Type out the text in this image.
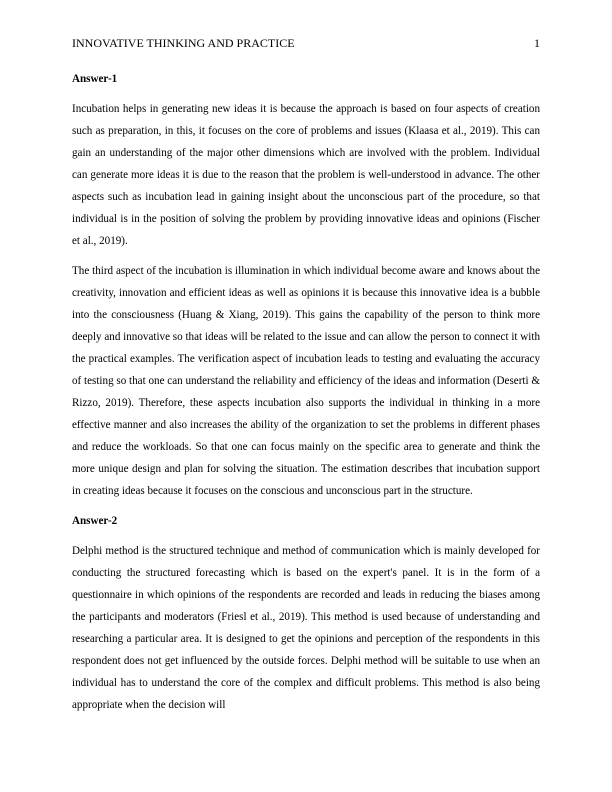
INNOVATIVE THINKING AND PRACTICE	1

Answer-1

Incubation helps in generating new ideas it is because the approach is based on four aspects of creation such as preparation, in this, it focuses on the core of problems and issues (Klaasa et al., 2019). This can gain an understanding of the major other dimensions which are involved with the problem. Individual can generate more ideas it is due to the reason that the problem is well-understood in advance. The other aspects such as incubation lead in gaining insight about the unconscious part of the procedure, so that individual is in the position of solving the problem by providing innovative ideas and opinions (Fischer et al., 2019).

The third aspect of the incubation is illumination in which individual become aware and knows about the creativity, innovation and efficient ideas as well as opinions it is because this innovative idea is a bubble into the consciousness (Huang & Xiang, 2019). This gains the capability of the person to think more deeply and innovative so that ideas will be related to the issue and can allow the person to connect it with the practical examples. The verification aspect of incubation leads to testing and evaluating the accuracy of testing so that one can understand the reliability and efficiency of the ideas and information (Deserti & Rizzo, 2019). Therefore, these aspects incubation also supports the individual in thinking in a more effective manner and also increases the ability of the organization to set the problems in different phases and reduce the workloads. So that one can focus mainly on the specific area to generate and think the more unique design and plan for solving the situation. The estimation describes that incubation support in creating ideas because it focuses on the conscious and unconscious part in the structure.

Answer-2

Delphi method is the structured technique and method of communication which is mainly developed for conducting the structured forecasting which is based on the expert's panel. It is in the form of a questionnaire in which opinions of the respondents are recorded and leads in reducing the biases among the participants and moderators (Friesl et al., 2019). This method is used because of understanding and researching a particular area. It is designed to get the opinions and perception of the respondents in this respondent does not get influenced by the outside forces. Delphi method will be suitable to use when an individual has to understand the core of the complex and difficult problems. This method is also being appropriate when the decision will
